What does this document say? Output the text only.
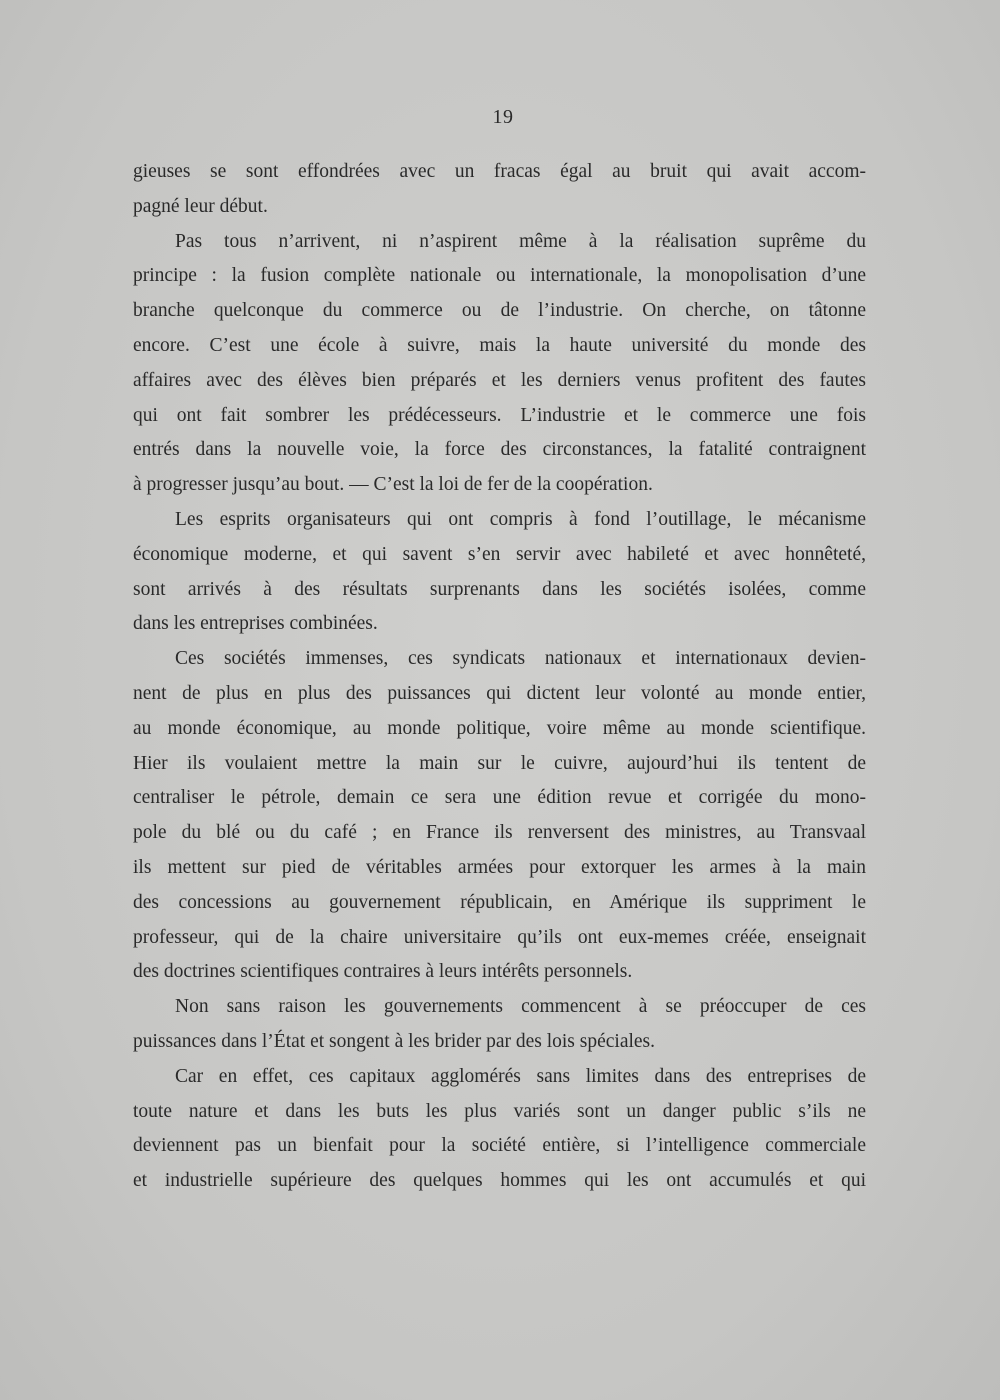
19
gieuses se sont effondrées avec un fracas égal au bruit qui avait accom-
pagné leur début.
Pas tous n’arrivent, ni n’aspirent même à la réalisation suprême du
principe : la fusion complète nationale ou internationale, la monopolisation d’une
branche quelconque du commerce ou de l’industrie. On cherche, on tâtonne
encore. C’est une école à suivre, mais la haute université du monde des
affaires avec des élèves bien préparés et les derniers venus profitent des fautes
qui ont fait sombrer les prédécesseurs. L’industrie et le commerce une fois
entrés dans la nouvelle voie, la force des circonstances, la fatalité contraignent
à progresser jusqu’au bout. — C’est la loi de fer de la coopération.
Les esprits organisateurs qui ont compris à fond l’outillage, le mécanisme
économique moderne, et qui savent s’en servir avec habileté et avec honnêteté,
sont arrivés à des résultats surprenants dans les sociétés isolées, comme
dans les entreprises combinées.
Ces sociétés immenses, ces syndicats nationaux et internationaux devien-
nent de plus en plus des puissances qui dictent leur volonté au monde entier,
au monde économique, au monde politique, voire même au monde scientifique.
Hier ils voulaient mettre la main sur le cuivre, aujourd’hui ils tentent de
centraliser le pétrole, demain ce sera une édition revue et corrigée du mono-
pole du blé ou du café ; en France ils renversent des ministres, au Transvaal
ils mettent sur pied de véritables armées pour extorquer les armes à la main
des concessions au gouvernement républicain, en Amérique ils suppriment le
professeur, qui de la chaire universitaire qu’ils ont eux-memes créée, enseignait
des doctrines scientifiques contraires à leurs intérêts personnels.
Non sans raison les gouvernements commencent à se préoccuper de ces
puissances dans l’État et songent à les brider par des lois spéciales.
Car en effet, ces capitaux agglomérés sans limites dans des entreprises de
toute nature et dans les buts les plus variés sont un danger public s’ils ne
deviennent pas un bienfait pour la société entière, si l’intelligence commerciale
et industrielle supérieure des quelques hommes qui les ont accumulés et qui
